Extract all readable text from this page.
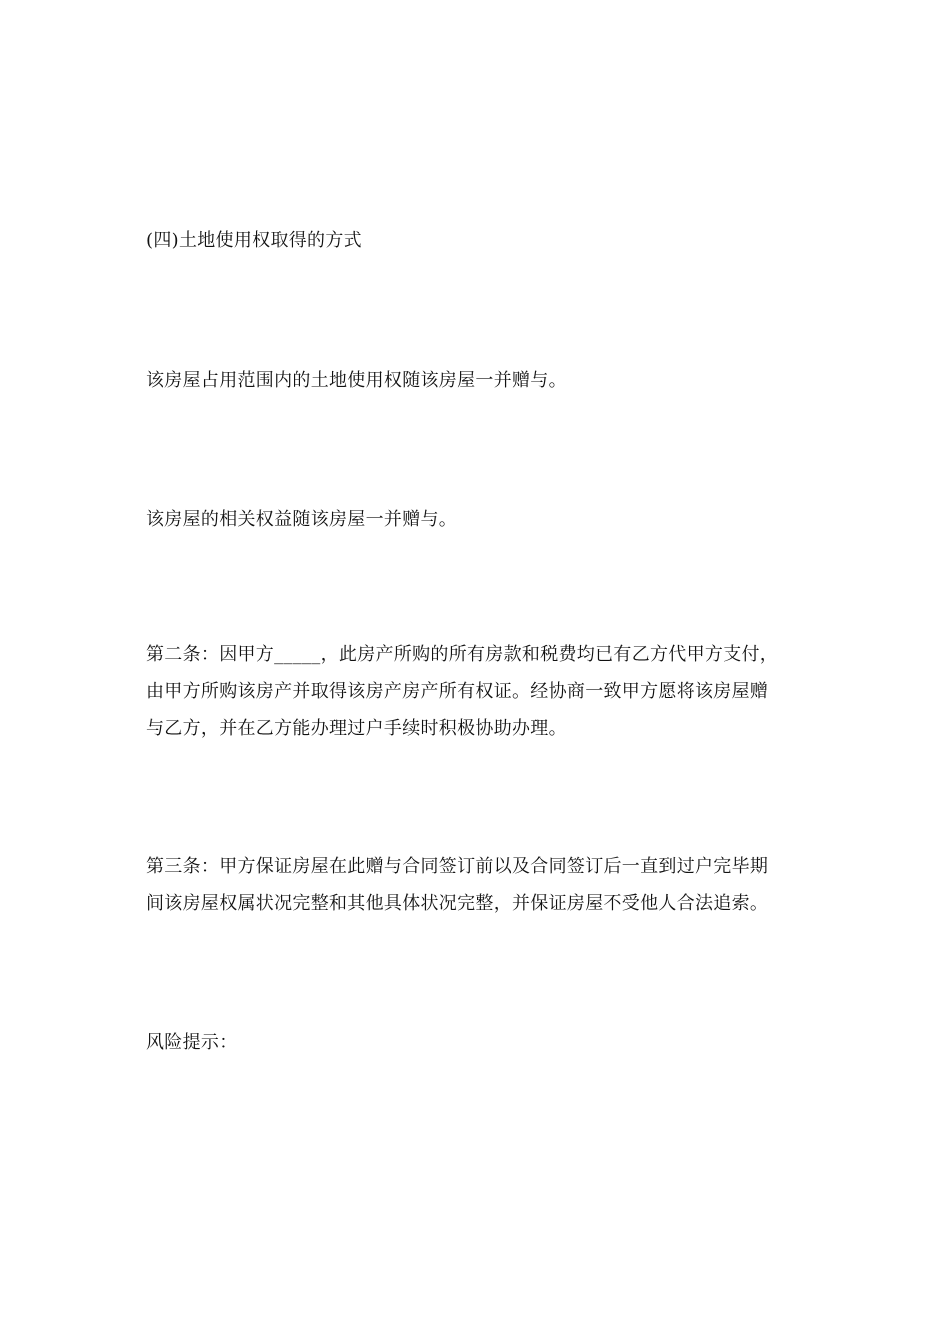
(四)土地使用权取得的方式

该房屋占用范围内的土地使用权随该房屋一并赠与。

该房屋的相关权益随该房屋一并赠与。

第二条：因甲方_____，此房产所购的所有房款和税费均已有乙方代甲方支付，
由甲方所购该房产并取得该房产房产所有权证。经协商一致甲方愿将该房屋赠
与乙方，并在乙方能办理过户手续时积极协助办理。

第三条：甲方保证房屋在此赠与合同签订前以及合同签订后一直到过户完毕期
间该房屋权属状况完整和其他具体状况完整，并保证房屋不受他人合法追索。

风险提示：
